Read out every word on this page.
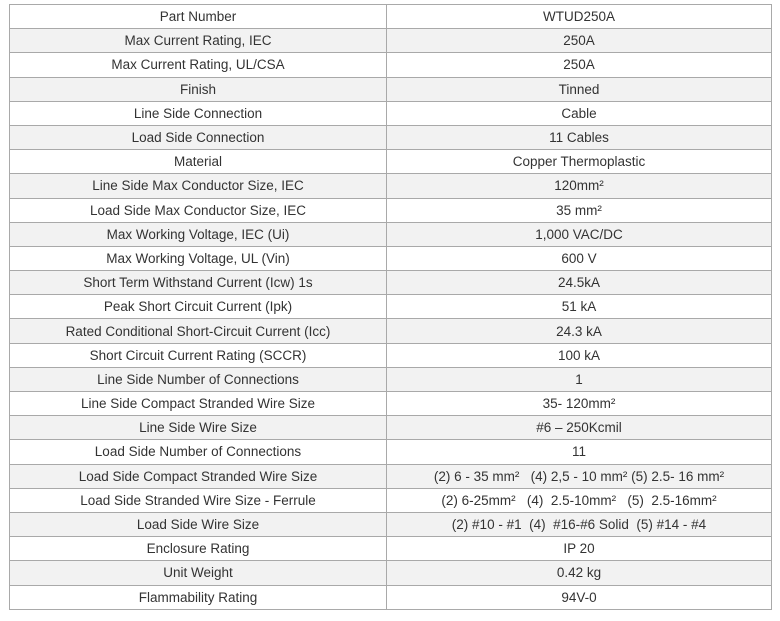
Part Number	WTUD250A
Max Current Rating, IEC	250A
Max Current Rating, UL/CSA	250A
Finish	Tinned
Line Side Connection	Cable
Load Side Connection	11 Cables
Material	Copper Thermoplastic
Line Side Max Conductor Size, IEC	120mm²
Load Side Max Conductor Size, IEC	35 mm²
Max Working Voltage, IEC (Ui)	1,000 VAC/DC
Max Working Voltage, UL (Vin)	600 V
Short Term Withstand Current (Icw) 1s	24.5kA
Peak Short Circuit Current (Ipk)	51 kA
Rated Conditional Short-Circuit Current (Icc)	24.3 kA
Short Circuit Current Rating (SCCR)	100 kA
Line Side Number of Connections	1
Line Side Compact Stranded Wire Size	35- 120mm²
Line Side Wire Size	#6 – 250Kcmil
Load Side Number of Connections	11
Load Side Compact Stranded Wire Size	(2) 6 - 35 mm²   (4) 2,5 - 10 mm² (5) 2.5- 16 mm²
Load Side Stranded Wire Size - Ferrule	(2) 6-25mm²   (4)  2.5-10mm²   (5)  2.5-16mm²
Load Side Wire Size	(2) #10 - #1  (4)  #16-#6 Solid  (5) #14 - #4
Enclosure Rating	IP 20
Unit Weight	0.42 kg
Flammability Rating	94V-0
